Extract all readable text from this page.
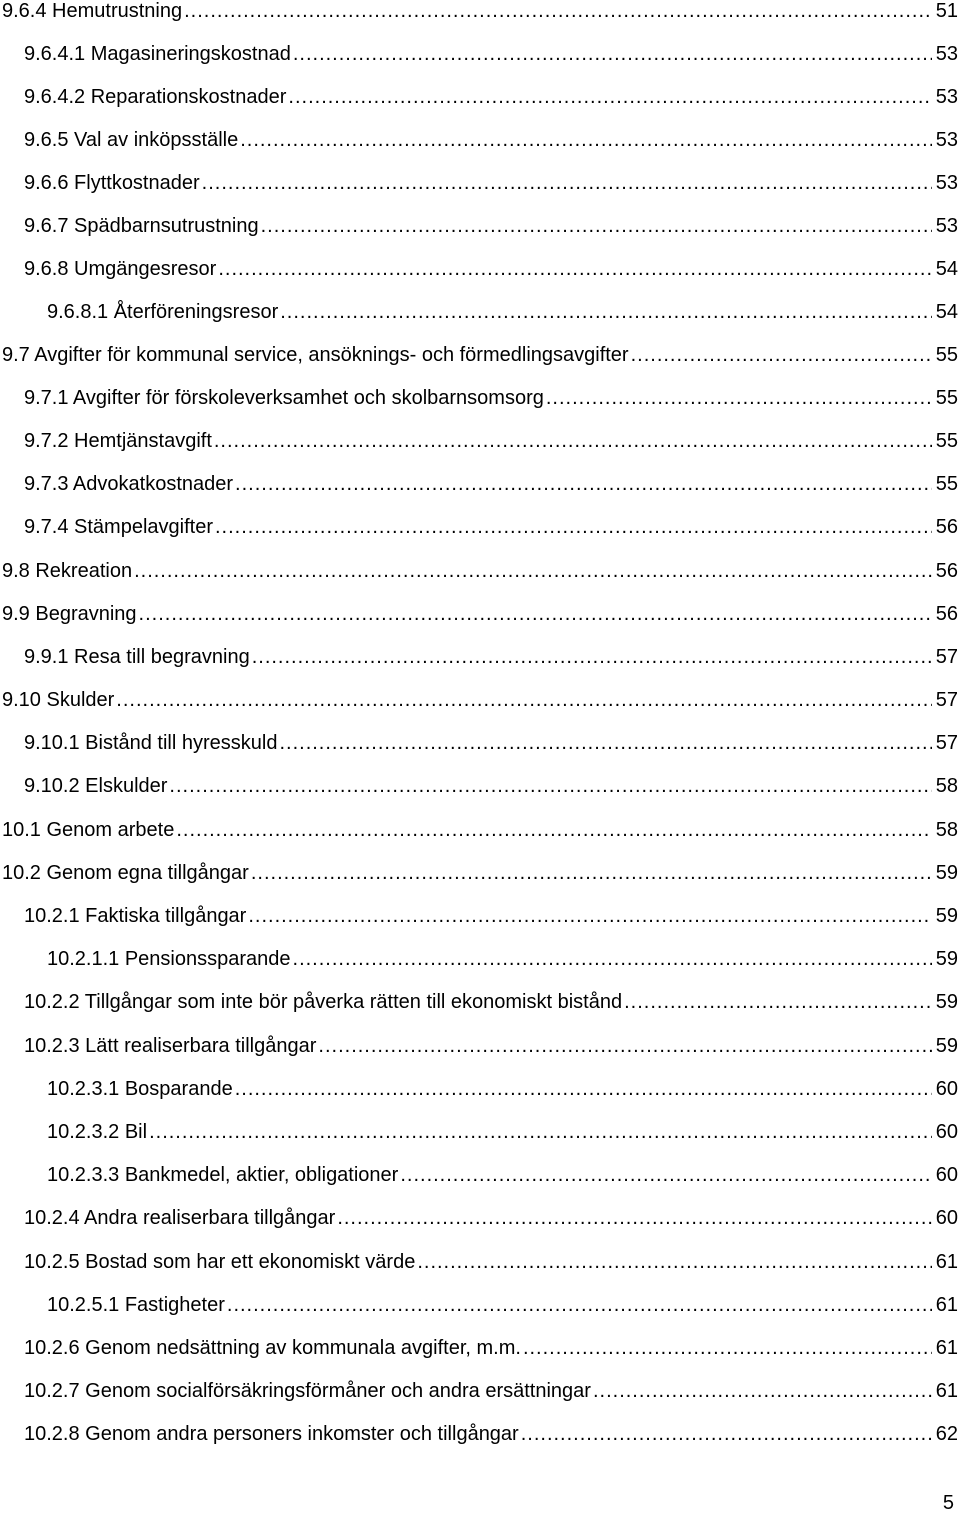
9.6.4 Hemutrustning .....	51
9.6.4.1 Magasineringskostnad .....	53
9.6.4.2 Reparationskostnader .....	53
9.6.5 Val av inköpsställe .....	53
9.6.6 Flyttkostnader .....	53
9.6.7 Spädbarnsutrustning .....	53
9.6.8 Umgängesresor .....	54
9.6.8.1 Återföreningsresor .....	54
9.7 Avgifter för kommunal service, ansöknings- och förmedlingsavgifter .....	55
9.7.1 Avgifter för förskoleverksamhet och skolbarnsomsorg .....	55
9.7.2 Hemtjänstavgift .....	55
9.7.3 Advokatkostnader .....	55
9.7.4 Stämpelavgifter .....	56
9.8 Rekreation .....	56
9.9 Begravning .....	56
9.9.1 Resa till begravning .....	57
9.10 Skulder .....	57
9.10.1 Bistånd till hyresskuld .....	57
9.10.2 Elskulder .....	58
10.1 Genom arbete .....	58
10.2 Genom egna tillgångar .....	59
10.2.1 Faktiska tillgångar .....	59
10.2.1.1 Pensionssparande .....	59
10.2.2 Tillgångar som inte bör påverka rätten till ekonomiskt bistånd .....	59
10.2.3 Lätt realiserbara tillgångar .....	59
10.2.3.1 Bosparande .....	60
10.2.3.2 Bil .....	60
10.2.3.3 Bankmedel, aktier, obligationer .....	60
10.2.4 Andra realiserbara tillgångar .....	60
10.2.5 Bostad som har ett ekonomiskt värde .....	61
10.2.5.1 Fastigheter .....	61
10.2.6 Genom nedsättning av kommunala avgifter, m.m. .....	61
10.2.7 Genom socialförsäkringsförmåner och andra ersättningar .....	61
10.2.8 Genom andra personers inkomster och tillgångar .....	62
5
